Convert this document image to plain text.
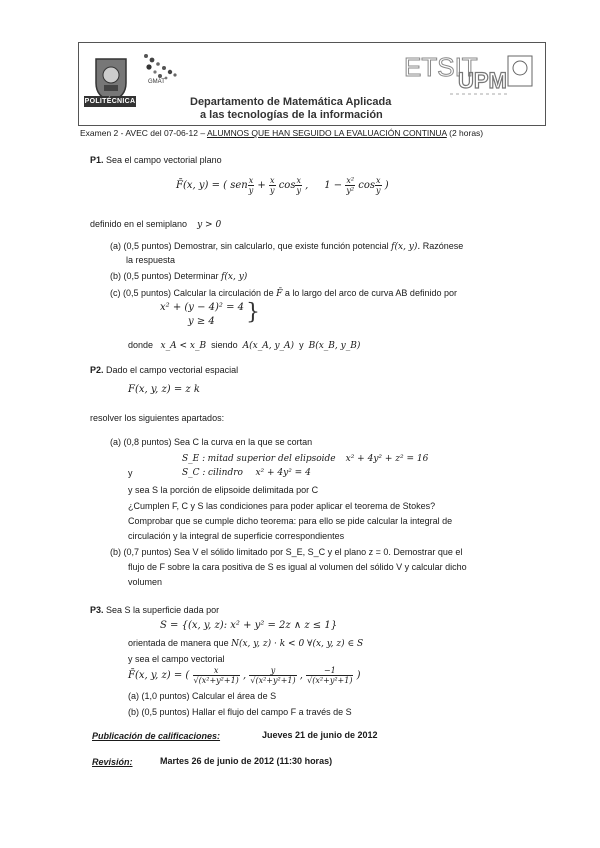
POLITÉCNICA
GMAT
Departamento de Matemática Aplicada
a las tecnologías de la información
ETSIT
UPM
Examen 2 - AVEC del 07-06-12 – ALUMNOS QUE HAN SEGUIDO LA EVALUACIÓN CONTINUA (2 horas)
P1. Sea el campo vectorial plano
F̄(x, y) = ( sen $\frac{x}{y} + \frac{x}{y}$ $\cos \frac{x}{y}$ ,     $1 - \frac{\text{x²}}{\text{y²}}$ $\cos \frac{x}{y}$ )
definido en el semiplano y > 0
(a) (0,5 puntos) Demostrar, sin calcularlo, que existe función potencial f(x, y). Razónese
la respuesta
(b) (0,5 puntos) Determinar f(x, y)
(c) (0,5 puntos) Calcular la circulación de F̄ a lo largo del arco de curva AB definido por
x² + (y − 4)² = 4
y ≥ 4 }
donde x_A < x_B siendo A(x_A, y_A) y B(x_B, y_B)
P2. Dado el campo vectorial espacial
F(x, y, z) = z k
resolver los siguientes apartados:
(a) (0,8 puntos) Sea C la curva en la que se cortan
S_E : mitad superior del elipsoide x² + 4y² + z² = 16
y	S_C : cilindro x² + 4y² = 4
y sea S la porción de elipsoide delimitada por C
¿Cumplen F, C y S las condiciones para poder aplicar el teorema de Stokes?
Comprobar que se cumple dicho teorema: para ello se pide calcular la integral de
circulación y la integral de superficie correspondientes
(b) (0,7 puntos) Sea V el sólido limitado por S_E, S_C y el plano z = 0. Demostrar que el
flujo de F sobre la cara positiva de S es igual al volumen del sólido V y calcular dicho
volumen
P3. Sea S la superficie dada por
S = {(x, y, z): x² + y² = 2z ∧ z ≤ 1}
orientada de manera que N(x, y, z) · k < 0 ∀(x, y, z) ∈ S
y sea el campo vectorial
F̄(x, y, z) = ( $\frac{x}{\text{√(x²+y²+1)}}$ , $\frac{y}{\text{√(x²+y²+1)}}$ , $\frac{-1}{\text{√(x²+y²+1)}}$ )
(a) (1,0 puntos) Calcular el área de S
(b) (0,5 puntos) Hallar el flujo del campo F a través de S
Publicación de calificaciones:	Jueves 21 de junio de 2012
Revisión:	Martes 26 de junio de 2012 (11:30 horas)
